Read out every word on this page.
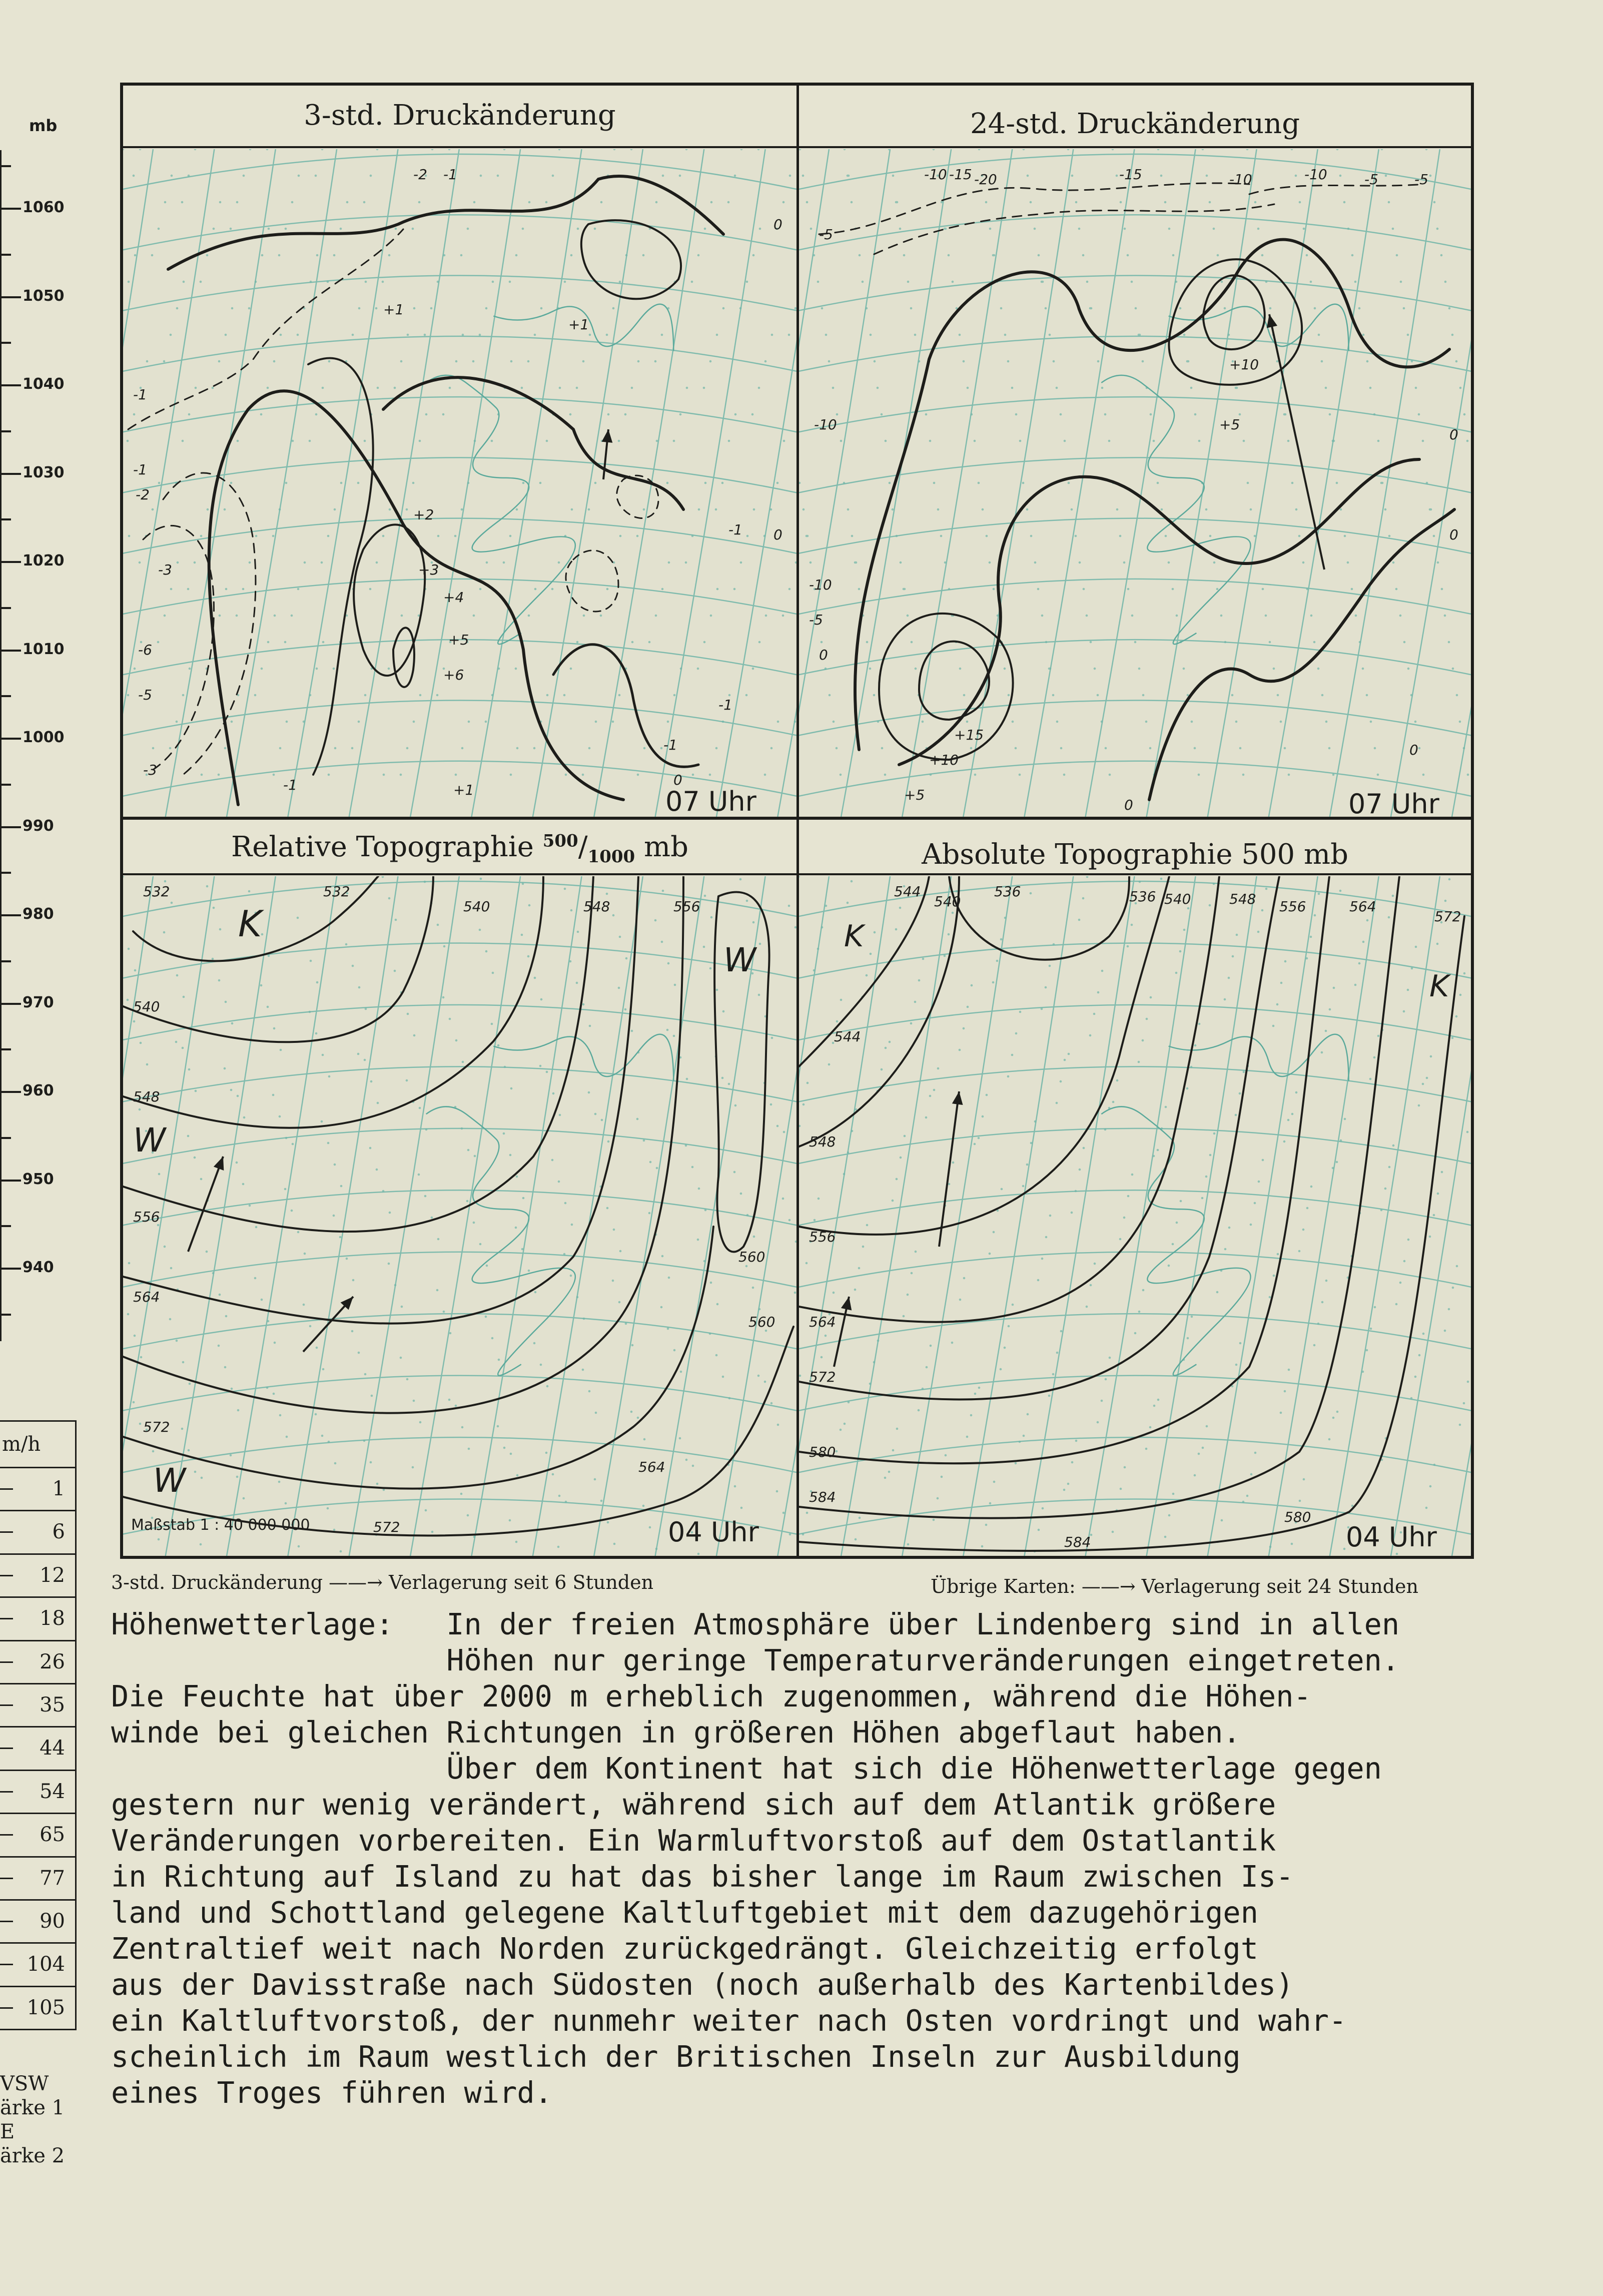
mb
1060
1050
1040
1030
1020
1010
1000
990
980
970
960
950
940
m/h
1
6
12
18
26
35
44
54
65
77
90
104
105
VSW
ärke 1
E
ärke 2
3-std. Druckänderung	24-std. Druckänderung
Relative Topographie $^{500}/_{1000}$ mb	Absolute Topographie 500 mb
-2 -1
+1
+1
+2
+3
+4
+5
+6
-1
-2
-3
-5
-6
-1
-3
-1
0
0
-1
+1
-1
-1
0
-10 -15 -20	-15	-10	-5
-5
-10
-10
-5
0
+10
+5
+15
+10
+5
0
0
0
0
-10	-5
532	532
540	548	556
540
548
556
564
572
560
560
564
572
K
W
W
W
544
540
536	536 540	548 556	564
572
544
548
556
564
572
580
584
580
584
K
K
07 Uhr	07 Uhr
04 Uhr	04 Uhr
Maßstab 1 : 40 000 000
3-std. Druckänderung ——→ Verlagerung seit 6 Stunden	Übrige Karten: ——→ Verlagerung seit 24 Stunden
Höhenwetterlage:   In der freien Atmosphäre über Lindenberg sind in allen
Höhen nur geringe Temperaturveränderungen eingetreten.
Die Feuchte hat über 2000 m erheblich zugenommen, während die Höhen-
winde bei gleichen Richtungen in größeren Höhen abgeflaut haben.
Über dem Kontinent hat sich die Höhenwetterlage gegen
gestern nur wenig verändert, während sich auf dem Atlantik größere
Veränderungen vorbereiten. Ein Warmluftvorstoß auf dem Ostatlantik
in Richtung auf Island zu hat das bisher lange im Raum zwischen Is-
land und Schottland gelegene Kaltluftgebiet mit dem dazugehörigen
Zentraltief weit nach Norden zurückgedrängt. Gleichzeitig erfolgt
aus der Davisstraße nach Südosten (noch außerhalb des Kartenbildes)
ein Kaltluftvorstoß, der nunmehr weiter nach Osten vordringt und wahr-
scheinlich im Raum westlich der Britischen Inseln zur Ausbildung
eines Troges führen wird.
